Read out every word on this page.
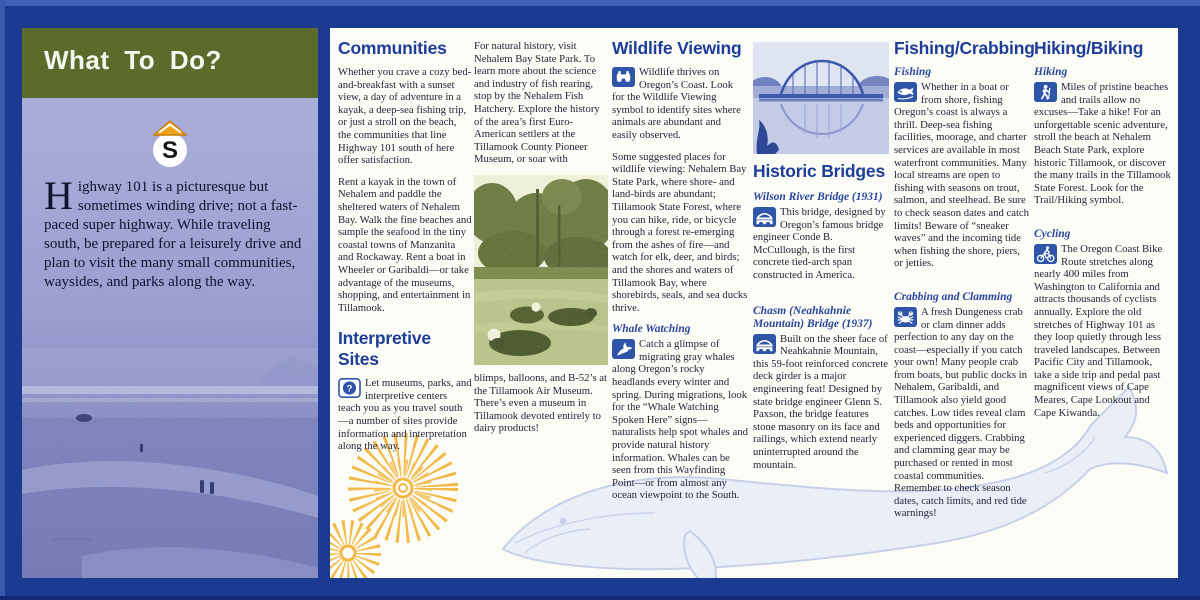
What To Do?
S
H ighway 101 is a picturesque but sometimes winding drive; not a fast-paced super highway. While traveling south, be prepared for a leisurely drive and plan to visit the many small communities, waysides, and parks along the way.
Communities

Whether you crave a cozy bed-and-breakfast with a sunset view, a day of adventure in a kayak, a deep-sea fishing trip, or just a stroll on the beach, the communities that line Highway 101 south of here offer satisfaction.

Rent a kayak in the town of Nehalem and paddle the sheltered waters of Nehalem Bay. Walk the fine beaches and sample the seafood in the tiny coastal towns of Manzanita and Rockaway. Rent a boat in Wheeler or Garibaldi—or take advantage of the museums, shopping, and entertainment in Tillamook.

Interpretive Sites
?	Let museums, parks, and interpretive centers teach you as you travel south—a number of sites provide information and interpretation along the way.

For natural history, visit Nehalem Bay State Park. To learn more about the science and industry of fish rearing, stop by the Nehalem Fish Hatchery. Explore the history of the area’s first Euro-American settlers at the Tillamook County Pioneer Museum, or soar with

blimps, balloons, and B-52’s at the Tillamook Air Museum. There’s even a museum in Tillamook devoted entirely to dairy products!

Wildlife Viewing

Wildlife thrives on Oregon’s Coast. Look for the Wildlife Viewing symbol to identify sites where animals are abundant and easily observed.

Some suggested places for wildlife viewing: Nehalem Bay State Park, where shore- and land-birds are abundant; Tillamook State Forest, where you can hike, ride, or bicycle through a forest re-emerging from the ashes of fire—and watch for elk, deer, and birds; and the shores and waters of Tillamook Bay, where shorebirds, seals, and sea ducks thrive.

Whale Watching

Catch a glimpse of migrating gray whales along Oregon’s rocky headlands every winter and spring. During migrations, look for the “Whale Watching Spoken Here” signs—naturalists help spot whales and provide natural history information. Whales can be seen from this Wayfinding Point—or from almost any ocean viewpoint to the South.

Historic Bridges
Wilson River Bridge (1931)

This bridge, designed by Oregon’s famous bridge engineer Conde B. McCullough, is the first concrete tied-arch span constructed in America.

Chasm (Neahkahnie Mountain) Bridge (1937)

Built on the sheer face of Neahkahnie Mountain, this 59-foot reinforced concrete deck girder is a major engineering feat! Designed by state bridge engineer Glenn S. Paxson, the bridge features stone masonry on its face and railings, which extend nearly uninterrupted around the mountain.

Fishing/Crabbing
Fishing

Whether in a boat or from shore, fishing Oregon’s coast is always a thrill. Deep-sea fishing facilities, moorage, and charter services are available in most waterfront communities. Many local streams are open to fishing with seasons on trout, salmon, and steelhead. Be sure to check season dates and catch limits! Beware of “sneaker waves” and the incoming tide when fishing the shore, piers, or jetties.

Crabbing and Clamming

A fresh Dungeness crab or clam dinner adds perfection to any day on the coast—especially if you catch your own! Many people crab from boats, but public docks in Nehalem, Garibaldi, and Tillamook also yield good catches. Low tides reveal clam beds and opportunities for experienced diggers. Crabbing and clamming gear may be purchased or rented in most coastal communities. Remember to check season dates, catch limits, and red tide warnings!

Hiking/Biking
Hiking

Miles of pristine beaches and trails allow no excuses—Take a hike! For an unforgettable scenic adventure, stroll the beach at Nehalem Beach State Park, explore historic Tillamook, or discover the many trails in the Tillamook State Forest. Look for the Trail/Hiking symbol.

Cycling

The Oregon Coast Bike Route stretches along nearly 400 miles from Washington to California and attracts thousands of cyclists annually. Explore the old stretches of Highway 101 as they loop quietly through less traveled landscapes. Between Pacific City and Tillamook, take a side trip and pedal past magnificent views of Cape Meares, Cape Lookout and Cape Kiwanda.
